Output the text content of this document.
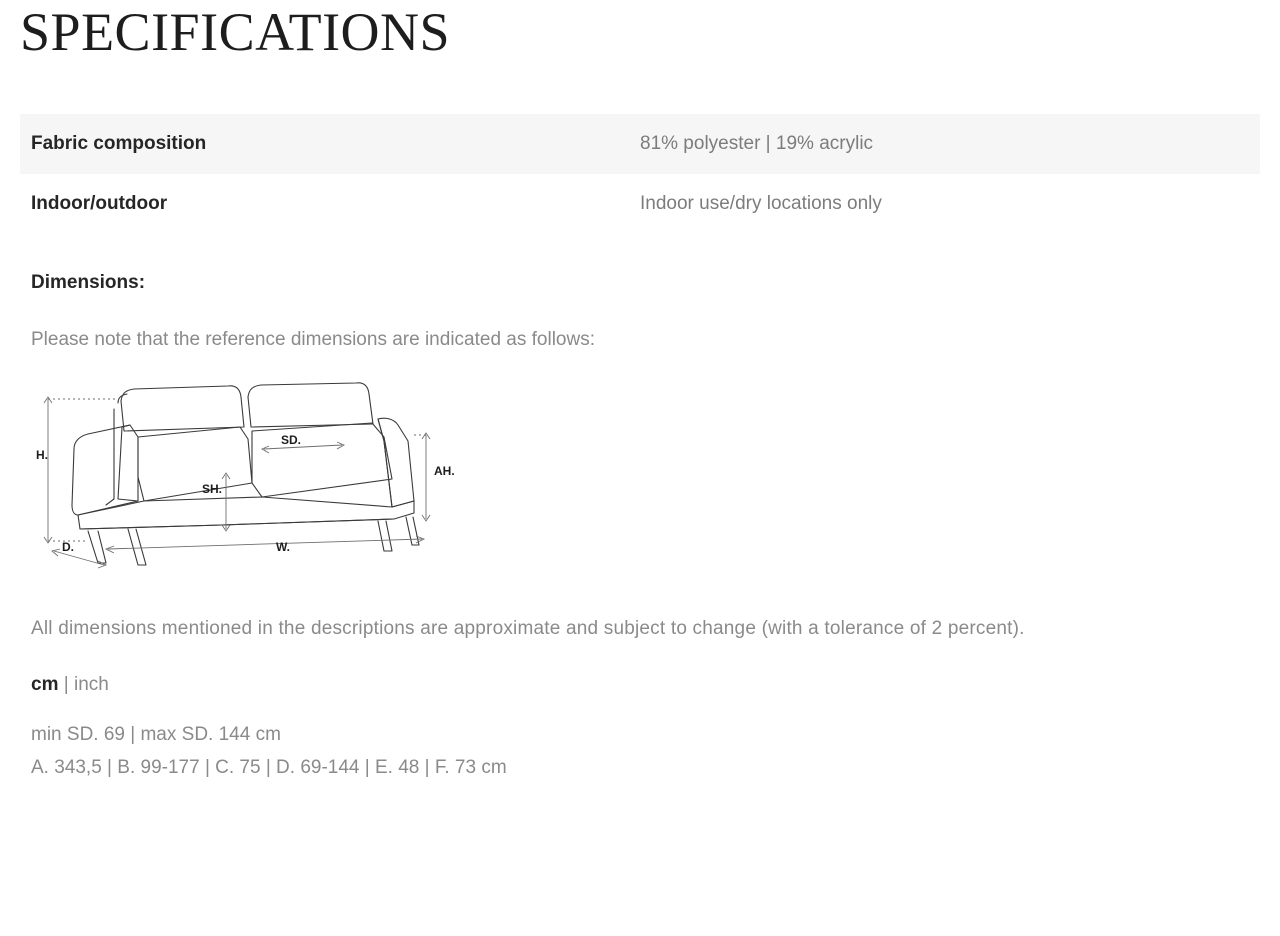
SPECIFICATIONS
Fabric composition	81% polyester | 19% acrylic
Indoor/outdoor	Indoor use/dry locations only
Dimensions:
Please note that the reference dimensions are indicated as follows:
H.
SD.
SH.
AH.
D.	W.
All dimensions mentioned in the descriptions are approximate and subject to change (with a tolerance of 2 percent).
cm | inch
min SD. 69 | max SD. 144 cm
A. 343,5 | B. 99-177 | C. 75 | D. 69-144 | E. 48 | F. 73 cm
